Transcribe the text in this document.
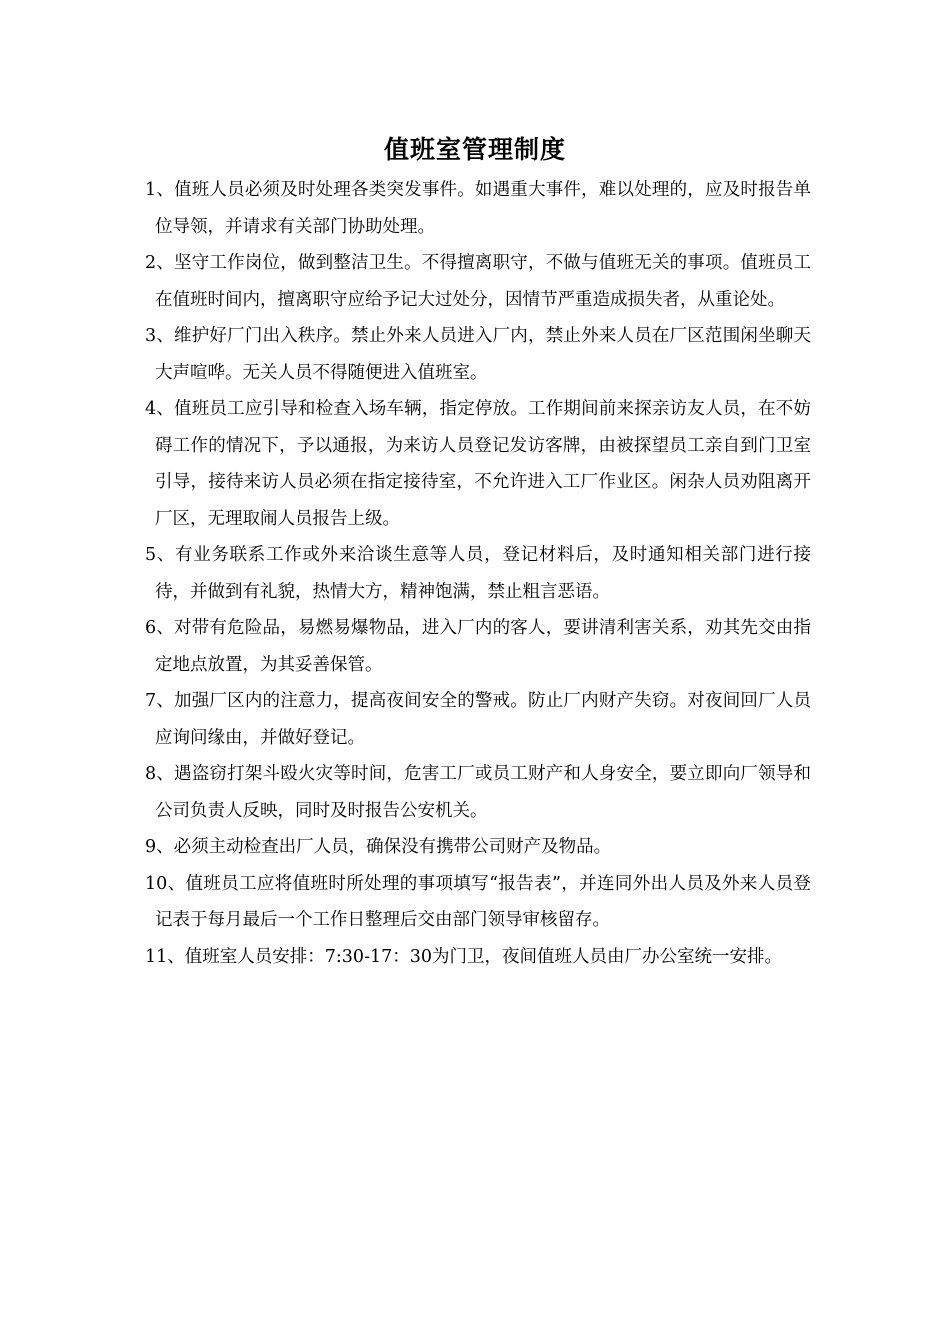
值班室管理制度
1、值班人员必须及时处理各类突发事件。如遇重大事件，难以处理的，应及时报告单位导领，并请求有关部门协助处理。
2、坚守工作岗位，做到整洁卫生。不得擅离职守，不做与值班无关的事项。值班员工在值班时间内，擅离职守应给予记大过处分，因情节严重造成损失者，从重论处。
3、维护好厂门出入秩序。禁止外来人员进入厂内，禁止外来人员在厂区范围闲坐聊天大声喧哗。无关人员不得随便进入值班室。
4、值班员工应引导和检查入场车辆，指定停放。工作期间前来探亲访友人员，在不妨碍工作的情况下，予以通报，为来访人员登记发访客牌，由被探望员工亲自到门卫室引导，接待来访人员必须在指定接待室，不允许进入工厂作业区。闲杂人员劝阻离开厂区，无理取闹人员报告上级。
5、有业务联系工作或外来洽谈生意等人员，登记材料后，及时通知相关部门进行接待，并做到有礼貌，热情大方，精神饱满，禁止粗言恶语。
6、对带有危险品，易燃易爆物品，进入厂内的客人，要讲清利害关系，劝其先交由指定地点放置，为其妥善保管。
7、加强厂区内的注意力，提高夜间安全的警戒。防止厂内财产失窃。对夜间回厂人员应询问缘由，并做好登记。
8、遇盗窃打架斗殴火灾等时间，危害工厂或员工财产和人身安全，要立即向厂领导和公司负责人反映，同时及时报告公安机关。
9、必须主动检查出厂人员，确保没有携带公司财产及物品。
10、值班员工应将值班时所处理的事项填写“报告表”，并连同外出人员及外来人员登记表于每月最后一个工作日整理后交由部门领导审核留存。
11、值班室人员安排：7:30-17：30为门卫，夜间值班人员由厂办公室统一安排。
